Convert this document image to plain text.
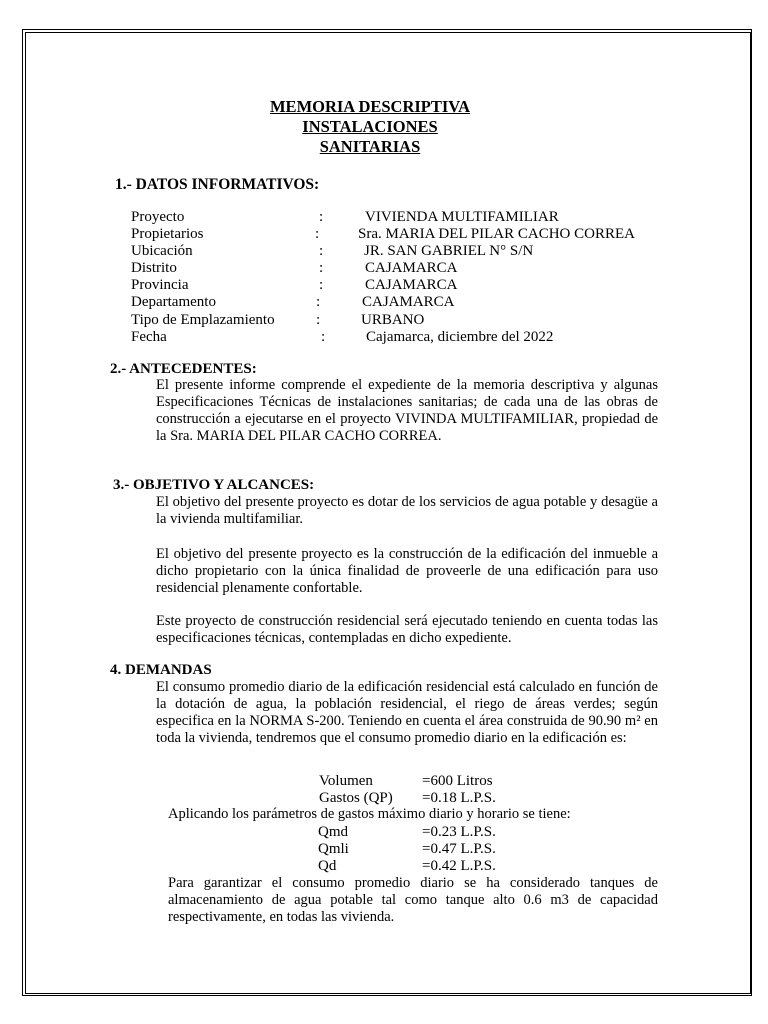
MEMORIA DESCRIPTIVA
INSTALACIONES
SANITARIAS
1.- DATOS INFORMATIVOS:
Proyecto	:	VIVIENDA MULTIFAMILIAR
Propietarios	:	Sra. MARIA DEL PILAR CACHO CORREA
Ubicación	:	JR. SAN GABRIEL N° S/N
Distrito	:	CAJAMARCA
Provincia	:	CAJAMARCA
Departamento	:	CAJAMARCA
Tipo de Emplazamiento	:	URBANO
Fecha	:	Cajamarca, diciembre del 2022
2.- ANTECEDENTES:
El presente informe comprende el expediente de la memoria descriptiva y algunas Especificaciones Técnicas de instalaciones sanitarias; de cada una de las obras de construcción a ejecutarse en el proyecto VIVINDA MULTIFAMILIAR, propiedad de la Sra. MARIA DEL PILAR CACHO CORREA.
3.- OBJETIVO Y ALCANCES:
El objetivo del presente proyecto es dotar de los servicios de agua potable y desagüe a la vivienda multifamiliar.
El objetivo del presente proyecto es la construcción de la edificación del inmueble a dicho propietario con la única finalidad de proveerle de una edificación para uso residencial plenamente confortable.
Este proyecto de construcción residencial será ejecutado teniendo en cuenta todas las especificaciones técnicas, contempladas en dicho expediente.
4. DEMANDAS
El consumo promedio diario de la edificación residencial está calculado en función de la dotación de agua, la población residencial, el riego de áreas verdes; según especifica en la NORMA S-200. Teniendo en cuenta el área construida de 90.90 m² en toda la vivienda, tendremos que el consumo promedio diario en la edificación es:
Volumen	=600 Litros
Gastos (QP) =0.18 L.P.S.
Aplicando los parámetros de gastos máximo diario y horario se tiene:
Qmd	=0.23 L.P.S.
Qmli	=0.47 L.P.S.
Qd	=0.42 L.P.S.
Para garantizar el consumo promedio diario se ha considerado tanques de almacenamiento de agua potable tal como tanque alto 0.6 m3 de capacidad respectivamente, en todas las vivienda.
